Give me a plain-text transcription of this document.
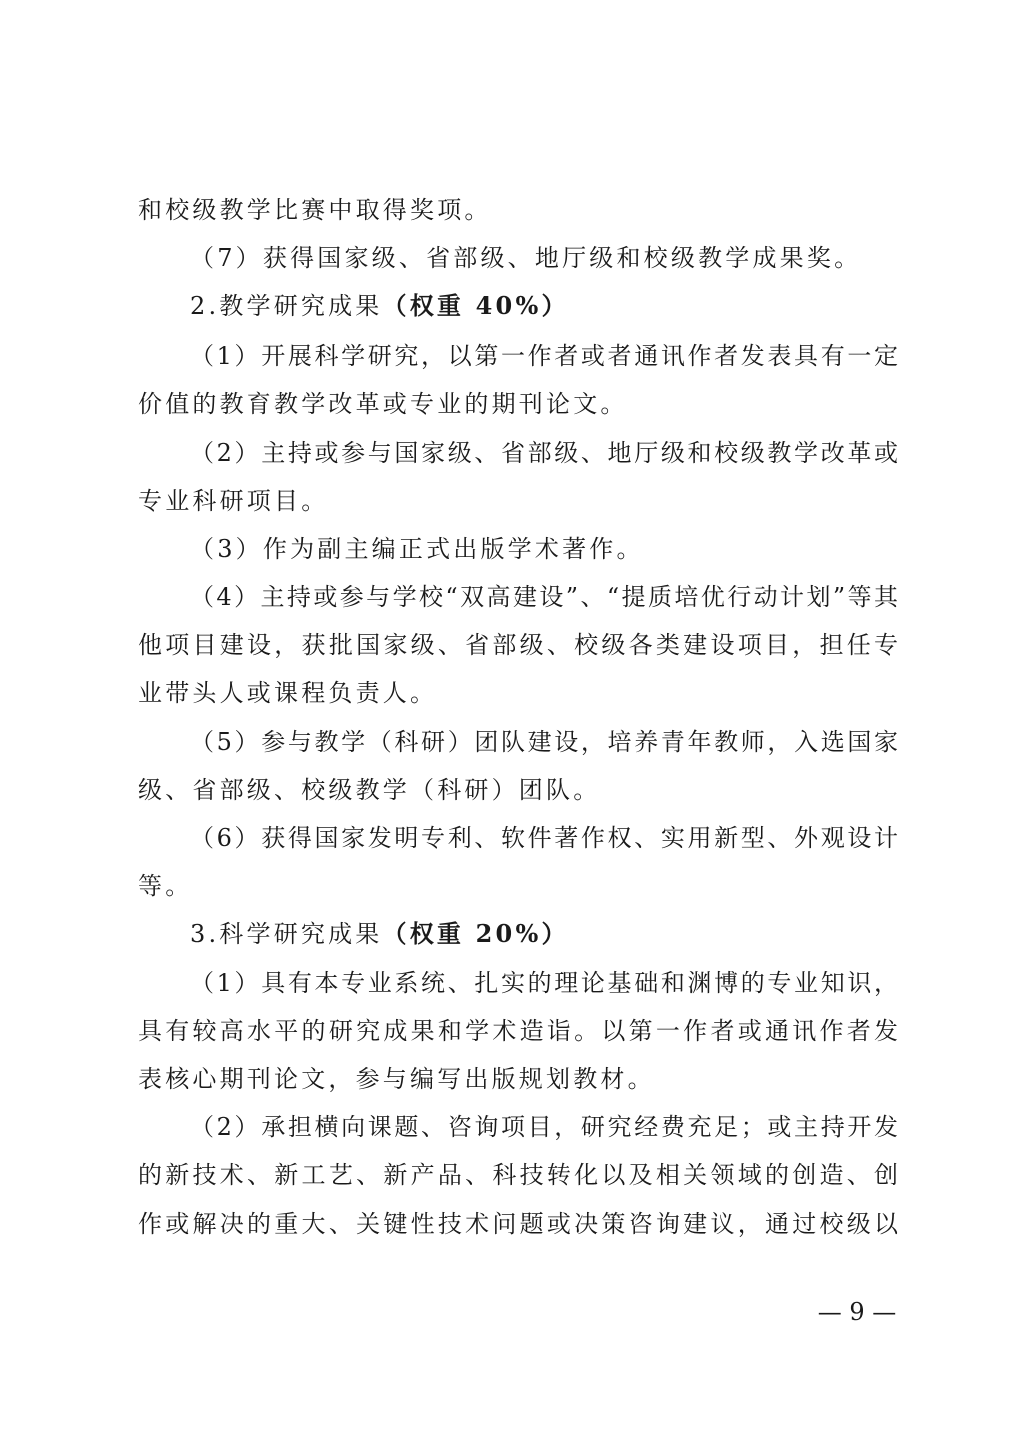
和校级教学比赛中取得奖项。
（7）获得国家级、省部级、地厅级和校级教学成果奖。
2.教学研究成果（权重 40%）
（1）开展科学研究，以第一作者或者通讯作者发表具有一定
价值的教育教学改革或专业的期刊论文。
（2）主持或参与国家级、省部级、地厅级和校级教学改革或
专业科研项目。
（3）作为副主编正式出版学术著作。
（4）主持或参与学校“双高建设”、“提质培优行动计划”等其
他项目建设，获批国家级、省部级、校级各类建设项目，担任专
业带头人或课程负责人。
（5）参与教学（科研）团队建设，培养青年教师，入选国家
级、省部级、校级教学（科研）团队。
（6）获得国家发明专利、软件著作权、实用新型、外观设计
等。
3.科学研究成果（权重 20%）
（1）具有本专业系统、扎实的理论基础和渊博的专业知识，
具有较高水平的研究成果和学术造诣。以第一作者或通讯作者发
表核心期刊论文，参与编写出版规划教材。
（2）承担横向课题、咨询项目，研究经费充足；或主持开发
的新技术、新工艺、新产品、科技转化以及相关领域的创造、创
作或解决的重大、关键性技术问题或决策咨询建议，通过校级以
— 9 —
